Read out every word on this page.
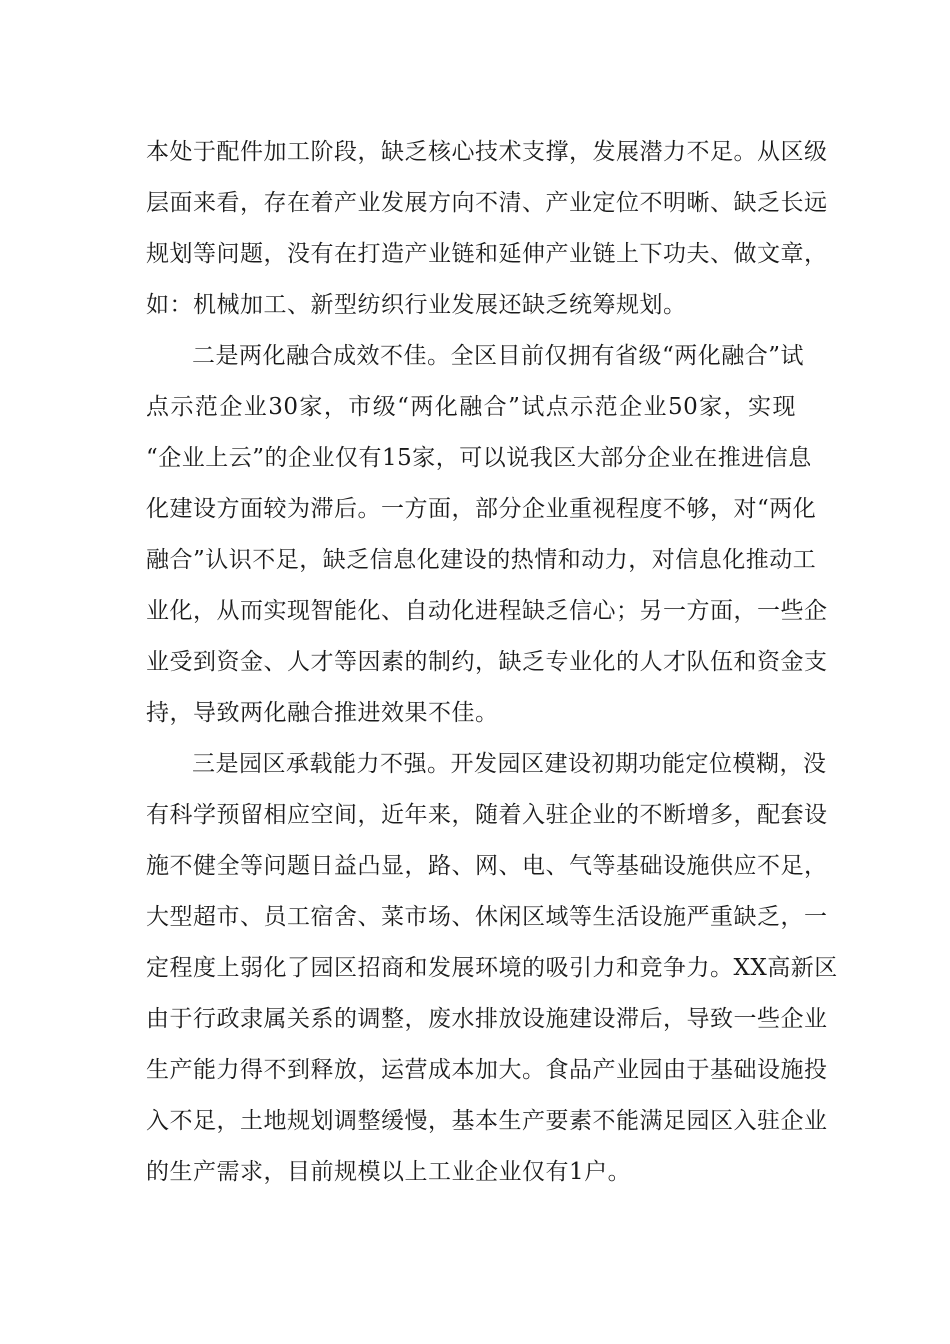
本处于配件加工阶段，缺乏核心技术支撑，发展潜力不足。从区级
层面来看，存在着产业发展方向不清、产业定位不明晰、缺乏长远
规划等问题，没有在打造产业链和延伸产业链上下功夫、做文章，
如：机械加工、新型纺织行业发展还缺乏统筹规划。
二是两化融合成效不佳。全区目前仅拥有省级“两化融合”试
点示范企业30家，市级“两化融合”试点示范企业50家，实现
“企业上云”的企业仅有15家，可以说我区大部分企业在推进信息
化建设方面较为滞后。一方面，部分企业重视程度不够，对“两化
融合”认识不足，缺乏信息化建设的热情和动力，对信息化推动工
业化，从而实现智能化、自动化进程缺乏信心；另一方面，一些企
业受到资金、人才等因素的制约，缺乏专业化的人才队伍和资金支
持，导致两化融合推进效果不佳。
三是园区承载能力不强。开发园区建设初期功能定位模糊，没
有科学预留相应空间，近年来，随着入驻企业的不断增多，配套设
施不健全等问题日益凸显，路、网、电、气等基础设施供应不足，
大型超市、员工宿舍、菜市场、休闲区域等生活设施严重缺乏，一
定程度上弱化了园区招商和发展环境的吸引力和竞争力。XX高新区
由于行政隶属关系的调整，废水排放设施建设滞后，导致一些企业
生产能力得不到释放，运营成本加大。食品产业园由于基础设施投
入不足，土地规划调整缓慢，基本生产要素不能满足园区入驻企业
的生产需求，目前规模以上工业企业仅有1户。
